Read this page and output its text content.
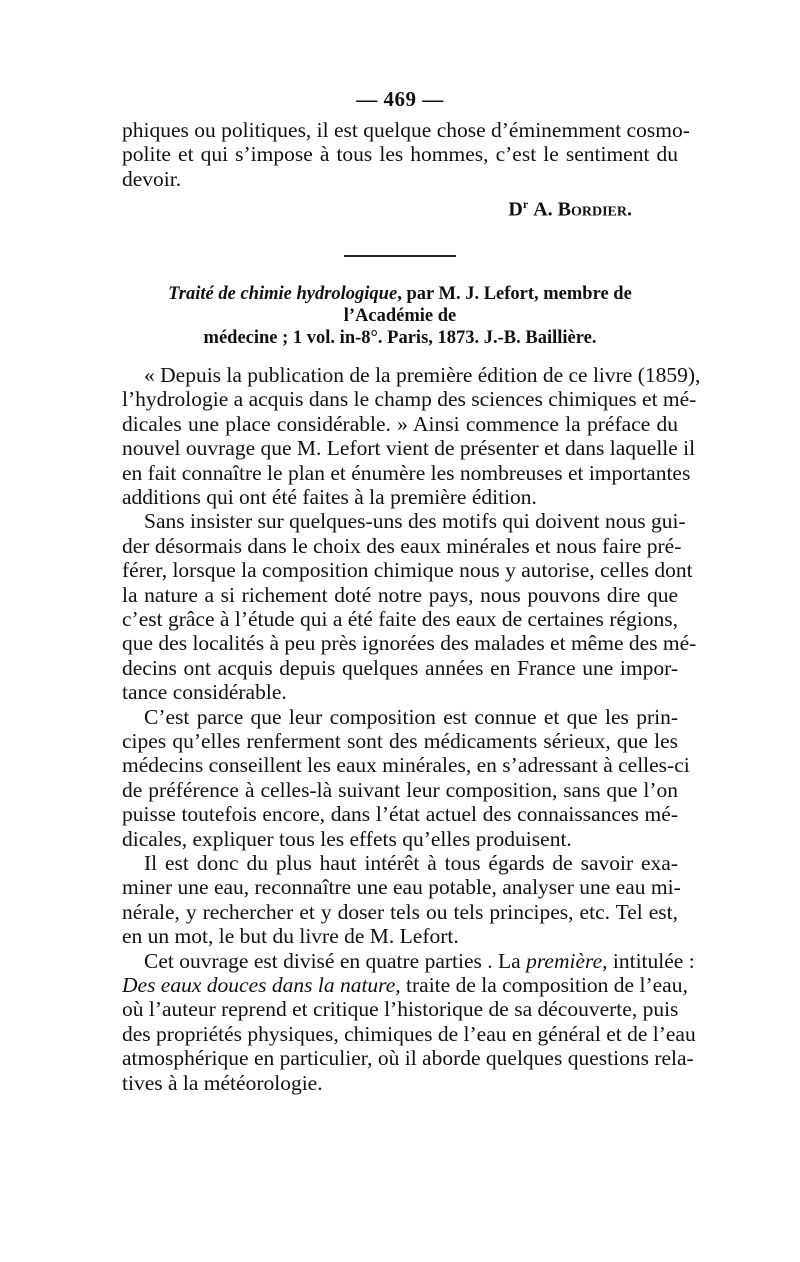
— 469 —
phiques ou politiques, il est quelque chose d’éminemment cosmo-
polite et qui s’impose à tous les hommes, c’est le sentiment du
devoir.
$D^r$ A. Bordier.
Traité de chimie hydrologique, par M. J. Lefort, membre de l’Académie de
médecine ; 1 vol. in-8°. Paris, 1873. J.-B. Baillière.
« Depuis la publication de la première édition de ce livre (1859),
l’hydrologie a acquis dans le champ des sciences chimiques et mé-
dicales une place considérable. » Ainsi commence la préface du
nouvel ouvrage que M. Lefort vient de présenter et dans laquelle il
en fait connaître le plan et énumère les nombreuses et importantes
additions qui ont été faites à la première édition.
Sans insister sur quelques-uns des motifs qui doivent nous gui-
der désormais dans le choix des eaux minérales et nous faire pré-
férer, lorsque la composition chimique nous y autorise, celles dont
la nature a si richement doté notre pays, nous pouvons dire que
c’est grâce à l’étude qui a été faite des eaux de certaines régions,
que des localités à peu près ignorées des malades et même des mé-
decins ont acquis depuis quelques années en France une impor-
tance considérable.
C’est parce que leur composition est connue et que les prin-
cipes qu’elles renferment sont des médicaments sérieux, que les
médecins conseillent les eaux minérales, en s’adressant à celles-ci
de préférence à celles-là suivant leur composition, sans que l’on
puisse toutefois encore, dans l’état actuel des connaissances mé-
dicales, expliquer tous les effets qu’elles produisent.
Il est donc du plus haut intérêt à tous égards de savoir exa-
miner une eau, reconnaître une eau potable, analyser une eau mi-
nérale, y rechercher et y doser tels ou tels principes, etc. Tel est,
en un mot, le but du livre de M. Lefort.
Cet ouvrage est divisé en quatre parties . La première, intitulée :
Des eaux douces dans la nature, traite de la composition de l’eau,
où l’auteur reprend et critique l’historique de sa découverte, puis
des propriétés physiques, chimiques de l’eau en général et de l’eau
atmosphérique en particulier, où il aborde quelques questions rela-
tives à la météorologie.
